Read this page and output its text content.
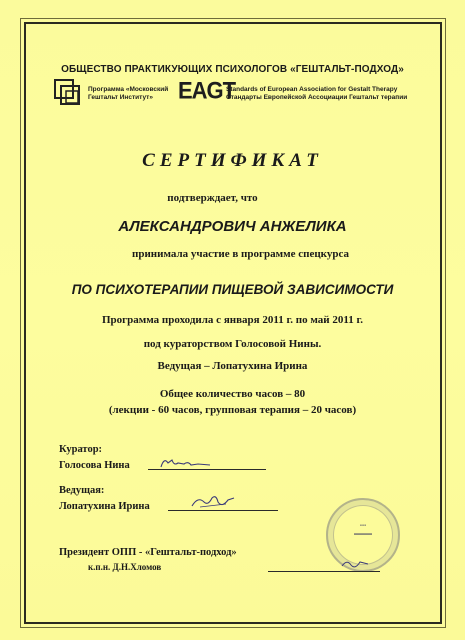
ОБЩЕСТВО ПРАКТИКУЮЩИХ ПСИХОЛОГОВ «ГЕШТАЛЬТ-ПОДХОД»
Программа «Московский
Гештальт Институт»	EAGT
Standards of European Association for Gestalt Therapy
Стандарты Европейской Ассоциации Гештальт терапии
СЕРТИФИКАТ
подтверждает, что
АЛЕКСАНДРОВИЧ АНЖЕЛИКА
принимала участие в программе спецкурса
ПО ПСИХОТЕРАПИИ ПИЩЕВОЙ ЗАВИСИМОСТИ
Программа проходила с января 2011 г. по май 2011 г.
под кураторством Голосовой Нины.
Ведущая – Лопатухина Ирина
Общее количество часов – 80
(лекции - 60 часов, групповая терапия – 20 часов)
Куратор:
Голосова Нина
Ведущая:
Лопатухина Ирина
▪▪▪
▬▬▬
Президент ОПП - «Гештальт-подход»
к.п.н. Д.Н.Хломов
